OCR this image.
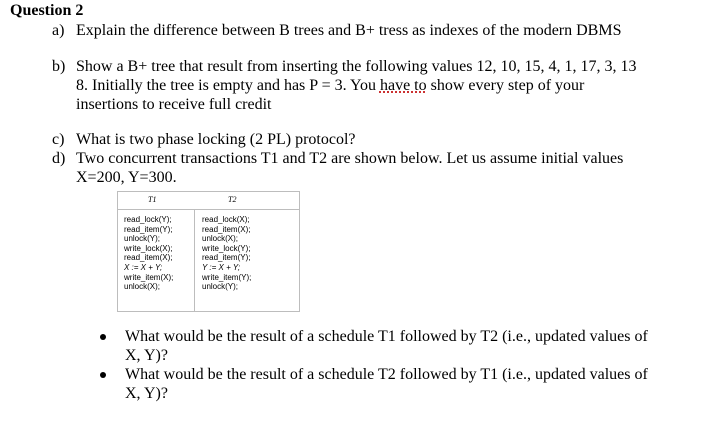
Question 2
a) Explain the difference between B trees and B+ tress as indexes of the modern DBMS
b) Show a B+ tree that result from inserting the following values 12, 10, 15, 4, 1, 17, 3, 13
8. Initially the tree is empty and has P = 3. You have to show every step of your
insertions to receive full credit
c) What is two phase locking (2 PL) protocol?
d) Two concurrent transactions T1 and T2 are shown below. Let us assume initial values
X=200, Y=300.
T1	T2
read_lock(Y);
read_item(Y);
unlock(Y);
write_lock(X);
read_item(X);
X := X + Y;
write_item(X);
unlock(X);
read_lock(X);
read_item(X);
unlock(X);
write_lock(Y);
read_item(Y);
Y := X + Y;
write_item(Y);
unlock(Y);
What would be the result of a schedule T1 followed by T2 (i.e., updated values of
X, Y)?
What would be the result of a schedule T2 followed by T1 (i.e., updated values of
X, Y)?
